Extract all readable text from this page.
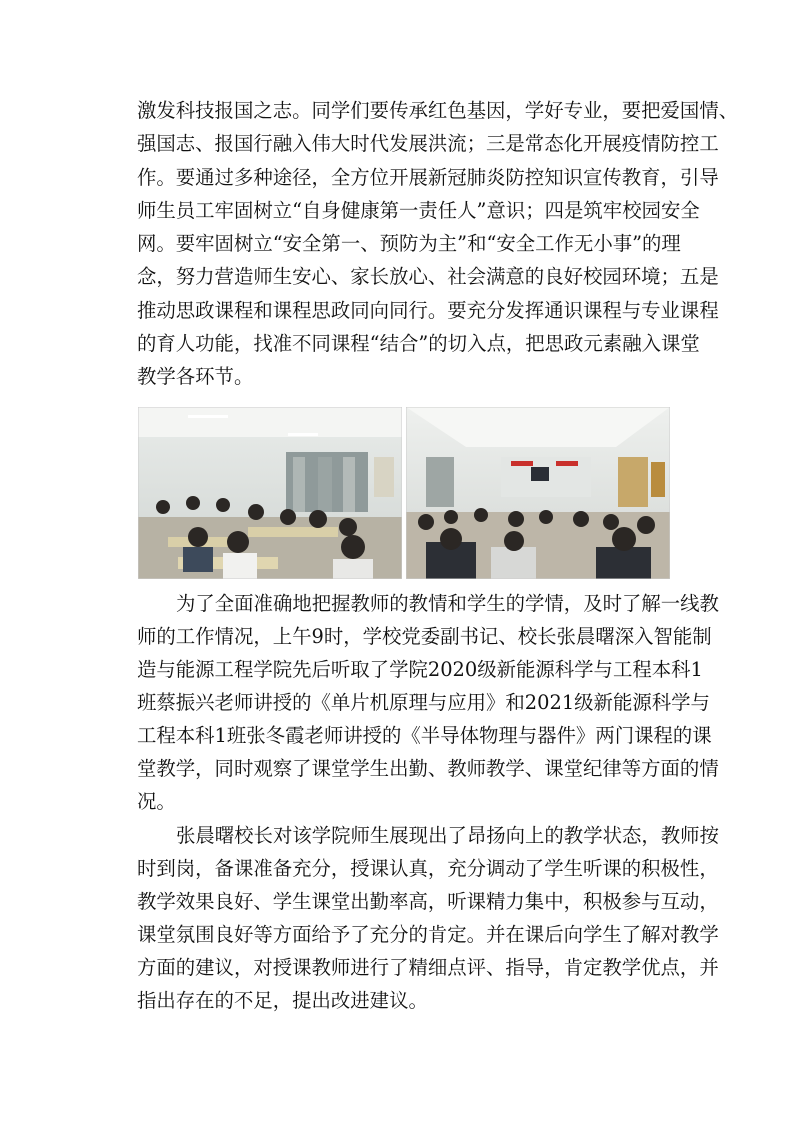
激发科技报国之志。同学们要传承红色基因，学好专业，要把爱国情、
强国志、报国行融入伟大时代发展洪流；三是常态化开展疫情防控工
作。要通过多种途径，全方位开展新冠肺炎防控知识宣传教育，引导
师生员工牢固树立“自身健康第一责任人”意识；四是筑牢校园安全
网。要牢固树立“安全第一、预防为主”和“安全工作无小事”的理
念，努力营造师生安心、家长放心、社会满意的良好校园环境；五是
推动思政课程和课程思政同向同行。要充分发挥通识课程与专业课程
的育人功能，找准不同课程“结合”的切入点，把思政元素融入课堂
教学各环节。
为了全面准确地把握教师的教情和学生的学情，及时了解一线教
师的工作情况，上午9时，学校党委副书记、校长张晨曙深入智能制
造与能源工程学院先后听取了学院2020级新能源科学与工程本科1
班蔡振兴老师讲授的《单片机原理与应用》和2021级新能源科学与
工程本科1班张冬霞老师讲授的《半导体物理与器件》两门课程的课
堂教学，同时观察了课堂学生出勤、教师教学、课堂纪律等方面的情
况。
张晨曙校长对该学院师生展现出了昂扬向上的教学状态，教师按
时到岗，备课准备充分，授课认真，充分调动了学生听课的积极性，
教学效果良好、学生课堂出勤率高，听课精力集中，积极参与互动，
课堂氛围良好等方面给予了充分的肯定。并在课后向学生了解对教学
方面的建议，对授课教师进行了精细点评、指导，肯定教学优点，并
指出存在的不足，提出改进建议。
